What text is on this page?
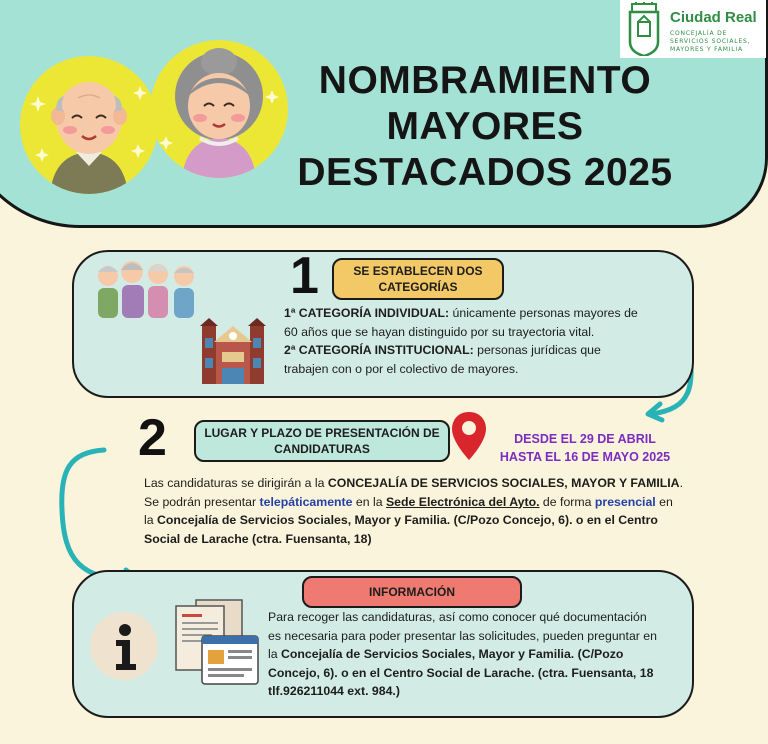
Ciudad Real
CONCEJALÍA DE SERVICIOS SOCIALES, MAYORES Y FAMILIA
NOMBRAMIENTO
MAYORES
DESTACADOS 2025
1	SE ESTABLECEN DOS CATEGORÍAS
1ª CATEGORÍA INDIVIDUAL: únicamente personas mayores de 60 años que se hayan distinguido por su trayectoria vital.
2ª CATEGORÍA INSTITUCIONAL: personas jurídicas que trabajen con o por el colectivo de mayores.
2	LUGAR Y PLAZO DE PRESENTACIÓN DE CANDIDATURAS
DESDE EL 29 DE ABRIL
HASTA EL 16 DE MAYO 2025
Las candidaturas se dirigirán a la CONCEJALÍA DE SERVICIOS SOCIALES, MAYOR Y FAMILIA. Se podrán presentar telepáticamente en la Sede Electrónica del Ayto. de forma presencial en la Concejalía de Servicios Sociales, Mayor y Familia. (C/Pozo Concejo, 6). o en el Centro Social de Larache (ctra. Fuensanta, 18)
INFORMACIÓN
Para recoger las candidaturas, así como conocer qué documentación es necesaria para poder presentar las solicitudes, pueden preguntar en la Concejalía de Servicios Sociales, Mayor y Familia. (C/Pozo Concejo, 6). o en el Centro Social de Larache. (ctra. Fuensanta, 18 tlf.926211044 ext. 984.)
